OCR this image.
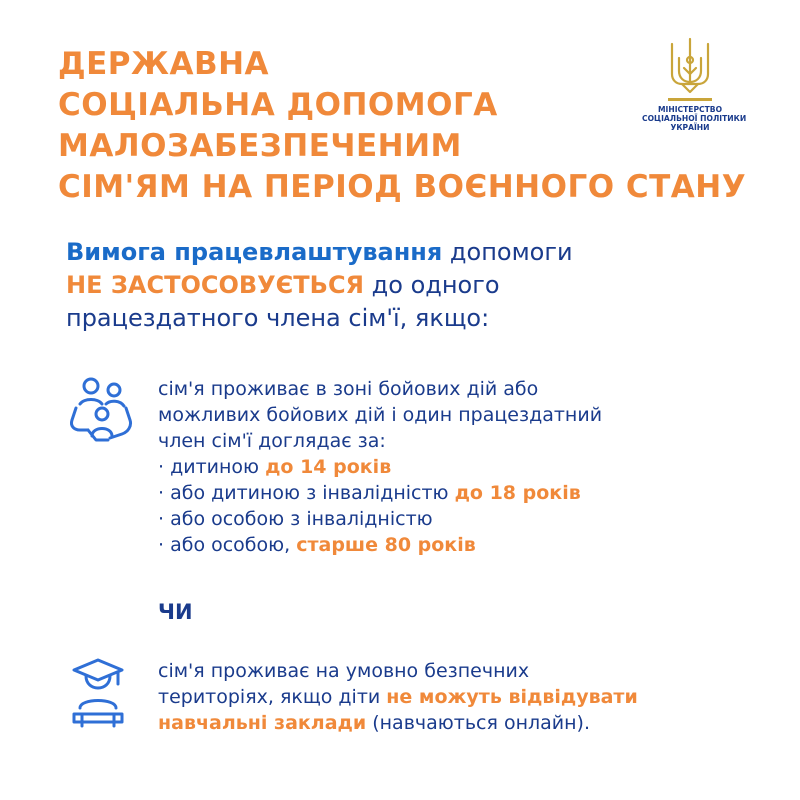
ДЕРЖАВНА
СОЦІАЛЬНА ДОПОМОГА
МАЛОЗАБЕЗПЕЧЕНИМ
СІМ'ЯМ НА ПЕРІОД ВОЄННОГО СТАНУ
МІНІСТЕРСТВО
СОЦІАЛЬНОЇ ПОЛІТИКИ
УКРАЇНИ
Вимога працевлаштування допомоги
НЕ ЗАСТОСОВУЄТЬСЯ до одного
працездатного члена сім'ї, якщо:
сім'я проживає в зоні бойових дій або
можливих бойових дій і один працездатний
член сім'ї доглядає за:
· дитиною до 14 років
· або дитиною з інвалідністю до 18 років
· або особою з інвалідністю
· або особою, старше 80 років
ЧИ
сім'я проживає на умовно безпечних
територіях, якщо діти не можуть відвідувати
навчальні заклади (навчаються онлайн).
